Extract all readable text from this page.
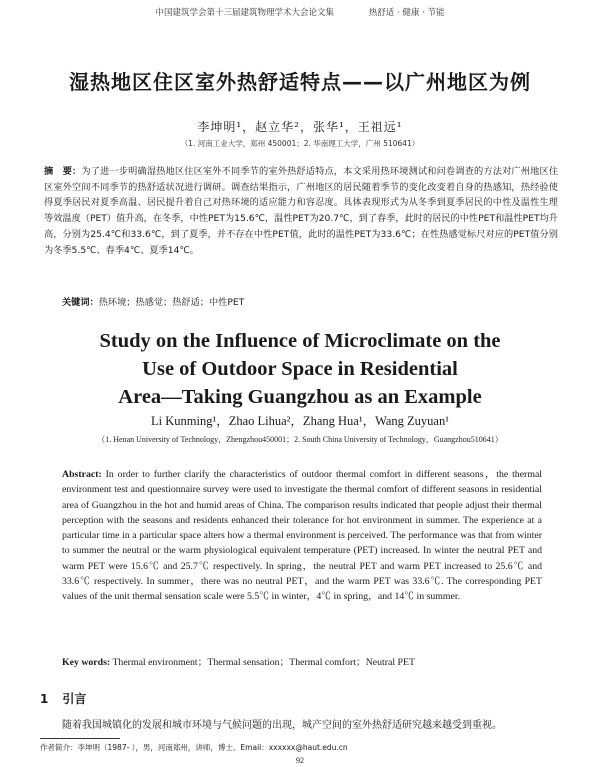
中国建筑学会第十三届建筑物理学术大会论文集	热舒适 · 健康 · 节能
湿热地区住区室外热舒适特点——以广州地区为例
李坤明¹，赵立华²，张华¹，王祖远¹
（1. 河南工业大学，郑州 450001；2. 华南理工大学，广州 510641）
摘　要：为了进一步明确湿热地区住区室外不同季节的室外热舒适特点，本文采用热环境测试和问卷调查的方法对广州地区住区室外空间不同季节的热舒适状况进行调研。调查结果指示，广州地区的居民随着季节的变化改变着自身的热感知，热经验使得夏季居民对夏季高温、居民提升着自己对热环境的适应能力和容忍度。具体表现形式为从冬季到夏季居民的中性及温性生理等效温度（PET）值升高，在冬季，中性PET为15.6℃，温性PET为20.7℃，到了春季，此时的居民的中性PET和温性PET均升高，分别为25.4℃和33.6℃，到了夏季，并不存在中性PET值，此时的温性PET为33.6℃；在性热感觉标尺对应的PET值分别为冬季5.5℃、春季4℃、夏季14℃。
关键词：热环境；热感觉；热舒适；中性PET
Study on the Influence of Microclimate on the
Use of Outdoor Space in Residential
Area—Taking Guangzhou as an Example
Li Kunming¹，Zhao Lihua²，Zhang Hua¹，Wang Zuyuan¹
（1. Henan University of Technology，Zhengzhou450001；2. South China University of Technology，Guangzhou510641）
Abstract: In order to further clarify the characteristics of outdoor thermal comfort in different seasons，the thermal environment test and questionnaire survey were used to investigate the thermal comfort of different seasons in residential area of Guangzhou in the hot and humid areas of China. The comparison results indicated that people adjust their thermal perception with the seasons and residents enhanced their tolerance for hot environment in summer. The experience at a particular time in a particular space alters how a thermal environment is perceived. The performance was that from winter to summer the neutral or the warm physiological equivalent temperature (PET) increased. In winter the neutral PET and warm PET were 15.6℃ and 25.7℃ respectively. In spring，the neutral PET and warm PET increased to 25.6℃ and 33.6℃ respectively. In summer，there was no neutral PET，and the warm PET was 33.6℃. The corresponding PET values of the unit thermal sensation scale were 5.5℃ in winter，4℃ in spring，and 14℃ in summer.
Key words: Thermal environment；Thermal sensation；Thermal comfort；Neutral PET
1 引言
随着我国城镇化的发展和城市环境与气候问题的出现，城产空间的室外热舒适研究越来越受到重视。
作者简介：李坤明（1987- ），男，河南郑州，讲师，博士。Email：xxxxxx@haut.edu.cn
92
